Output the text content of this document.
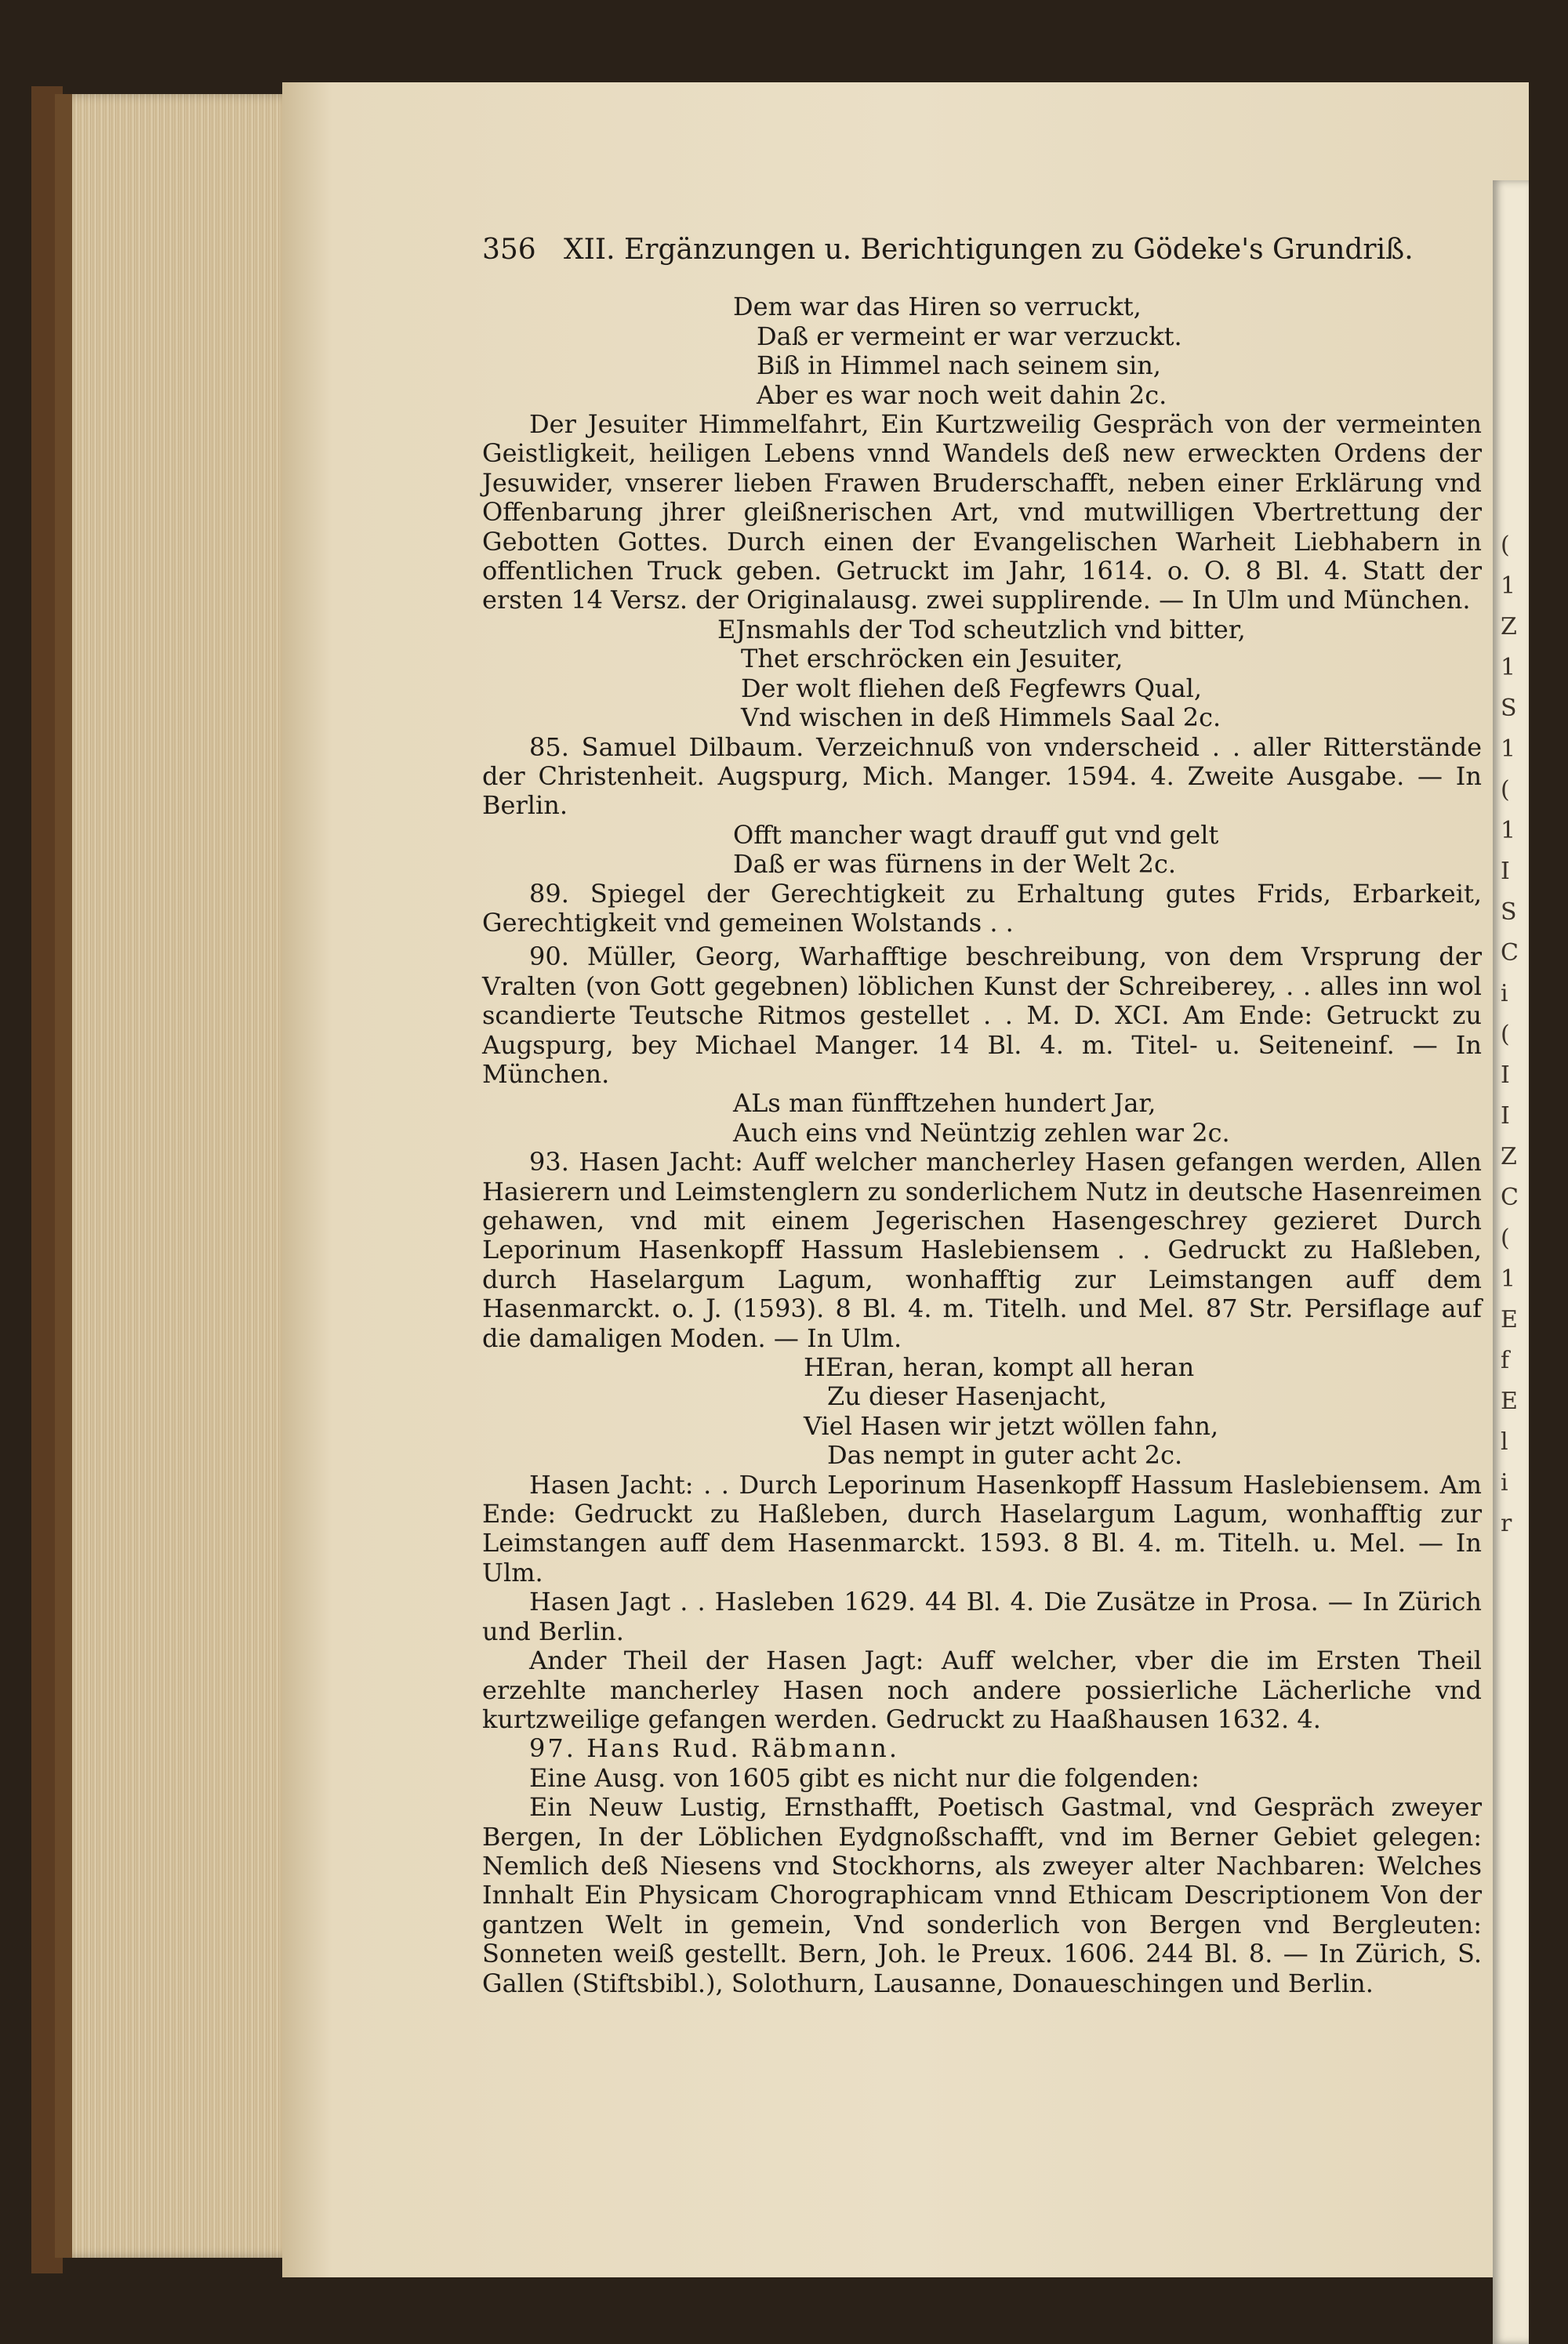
(
1
Z
1
S
1
(
1
I
S
C
i
(
I
I
Z
C
(
1
E
f
E
l
i
r
356 XII. Ergänzungen u. Berichtigungen zu Gödeke's Grundriß.
Dem war das Hiren so verruckt,
Daß er vermeint er war verzuckt.
Biß in Himmel nach seinem sin,
Aber es war noch weit dahin 2c.

Der Jesuiter Himmelfahrt, Ein Kurtzweilig Gespräch von der vermeinten Geistligkeit, heiligen Lebens vnnd Wandels deß new erweckten Ordens der Jesuwider, vnserer lieben Frawen Bruderschafft, neben einer Erklärung vnd Offenbarung jhrer gleißnerischen Art, vnd mutwilligen Vbertrettung der Gebotten Gottes. Durch einen der Evangelischen Warheit Liebhabern in offentlichen Truck geben. Getruckt im Jahr, 1614. o. O. 8 Bl. 4. Statt der ersten 14 Versz. der Originalausg. zwei supplirende. — In Ulm und München.

EJnsmahls der Tod scheutzlich vnd bitter,
Thet erschröcken ein Jesuiter,
Der wolt fliehen deß Fegfewrs Qual,
Vnd wischen in deß Himmels Saal 2c.

85. Samuel Dilbaum. Verzeichnuß von vnderscheid . . aller Ritterstände der Christenheit. Augspurg, Mich. Manger. 1594. 4. Zweite Ausgabe. — In Berlin.

Offt mancher wagt drauff gut vnd gelt
Daß er was fürnens in der Welt 2c.

89. Spiegel der Gerechtigkeit zu Erhaltung gutes Frids, Erbarkeit, Gerechtigkeit vnd gemeinen Wolstands . .

90. Müller, Georg, Warhafftige beschreibung, von dem Vrsprung der Vralten (von Gott gegebnen) löblichen Kunst der Schreiberey, . . alles inn wol scandierte Teutsche Ritmos gestellet . . M. D. XCI. Am Ende: Getruckt zu Augspurg, bey Michael Manger. 14 Bl. 4. m. Titel- u. Seiteneinf. — In München.

ALs man fünfftzehen hundert Jar,
Auch eins vnd Neüntzig zehlen war 2c.

93. Hasen Jacht: Auff welcher mancherley Hasen gefangen werden, Allen Hasierern und Leimstenglern zu sonderlichem Nutz in deutsche Hasenreimen gehawen, vnd mit einem Jegerischen Hasengeschrey gezieret Durch Leporinum Hasenkopff Hassum Haslebiensem . . Gedruckt zu Haßleben, durch Haselargum Lagum, wonhafftig zur Leimstangen auff dem Hasenmarckt. o. J. (1593). 8 Bl. 4. m. Titelh. und Mel. 87 Str. Persiflage auf die damaligen Moden. — In Ulm.

HEran, heran, kompt all heran
Zu dieser Hasenjacht,
Viel Hasen wir jetzt wöllen fahn,
Das nempt in guter acht 2c.

Hasen Jacht: . . Durch Leporinum Hasenkopff Hassum Haslebiensem. Am Ende: Gedruckt zu Haßleben, durch Haselargum Lagum, wonhafftig zur Leimstangen auff dem Hasenmarckt. 1593. 8 Bl. 4. m. Titelh. u. Mel. — In Ulm.

Hasen Jagt . . Hasleben 1629. 44 Bl. 4. Die Zusätze in Prosa. — In Zürich und Berlin.

Ander Theil der Hasen Jagt: Auff welcher, vber die im Ersten Theil erzehlte mancherley Hasen noch andere possierliche Lächerliche vnd kurtzweilige gefangen werden. Gedruckt zu Haaßhausen 1632. 4.

97. Hans Rud. Räbmann.

Eine Ausg. von 1605 gibt es nicht nur die folgenden:

Ein Neuw Lustig, Ernsthafft, Poetisch Gastmal, vnd Gespräch zweyer Bergen, In der Löblichen Eydgnoßschafft, vnd im Berner Gebiet gelegen: Nemlich deß Niesens vnd Stockhorns, als zweyer alter Nachbaren: Welches Innhalt Ein Physicam Chorographicam vnnd Ethicam Descriptionem Von der gantzen Welt in gemein, Vnd sonderlich von Bergen vnd Bergleuten: Sonneten weiß gestellt. Bern, Joh. le Preux. 1606. 244 Bl. 8. — In Zürich, S. Gallen (Stiftsbibl.), Solothurn, Lausanne, Donaueschingen und Berlin.
